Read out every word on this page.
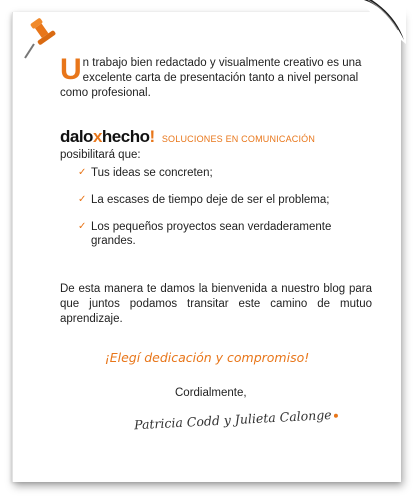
Un trabajo bien redactado y visualmente creativo es una excelente carta de presentación tanto a nivel personal como profesional.
daloxhecho! SOLUCIONES EN COMUNICACIÓN
posibilitará que:
✓ Tus ideas se concreten;
✓ La escases de tiempo deje de ser el problema;
✓ Los pequeños proyectos sean verdaderamente grandes.
De esta manera te damos la bienvenida a nuestro blog para que juntos podamos transitar este camino de mutuo aprendizaje.
¡Elegí dedicación y compromiso!
Cordialmente,
Patricia Codd y Julieta Calonge
